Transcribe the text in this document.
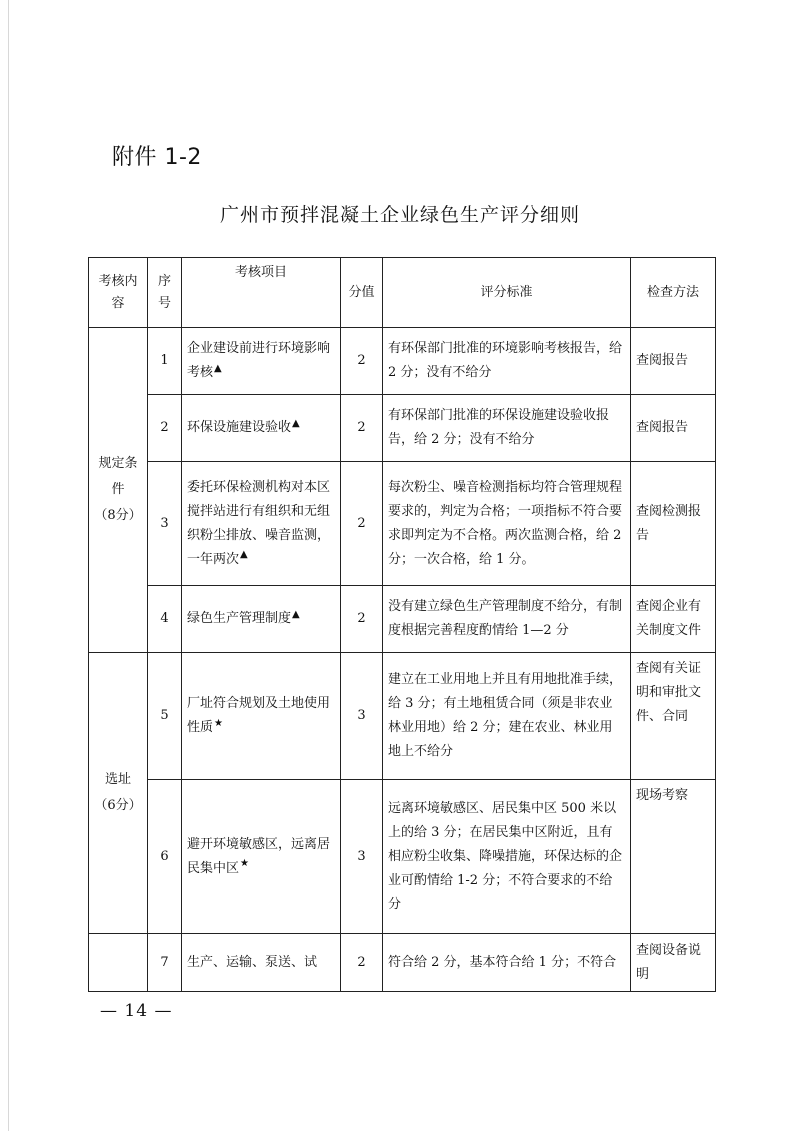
附件 1-2
广州市预拌混凝土企业绿色生产评分细则
考核内容	序号	考核项目	分值	评分标准	检查方法

规定条件
（8分）	1	企业建设前进行环境影响考核▲	2	有环保部门批准的环境影响考核报告，给 2 分；没有不给分	查阅报告
	2	环保设施建设验收▲	2	有环保部门批准的环保设施建设验收报告，给 2 分；没有不给分	查阅报告
	3	委托环保检测机构对本区搅拌站进行有组织和无组织粉尘排放、噪音监测，一年两次▲	2	每次粉尘、噪音检测指标均符合管理规程要求的，判定为合格；一项指标不符合要求即判定为不合格。两次监测合格，给 2 分；一次合格，给 1 分。	查阅检测报告
	4	绿色生产管理制度▲	2	没有建立绿色生产管理制度不给分，有制度根据完善程度酌情给 1—2 分	查阅企业有关制度文件

选址
（6分）	5	厂址符合规划及土地使用性质★	3	建立在工业用地上并且有用地批准手续，给 3 分；有土地租赁合同（须是非农业林业用地）给 2 分；建在农业、林业用地上不给分	查阅有关证明和审批文件、合同
	6	避开环境敏感区，远离居民集中区★	3	远离环境敏感区、居民集中区 500 米以上的给 3 分；在居民集中区附近，且有相应粉尘收集、降噪措施，环保达标的企业可酌情给 1-2 分；不符合要求的不给分	现场考察
	7	生产、运输、泵送、试	2	符合给 2 分，基本符合给 1 分；不符合	查阅设备说明
— 14 —
